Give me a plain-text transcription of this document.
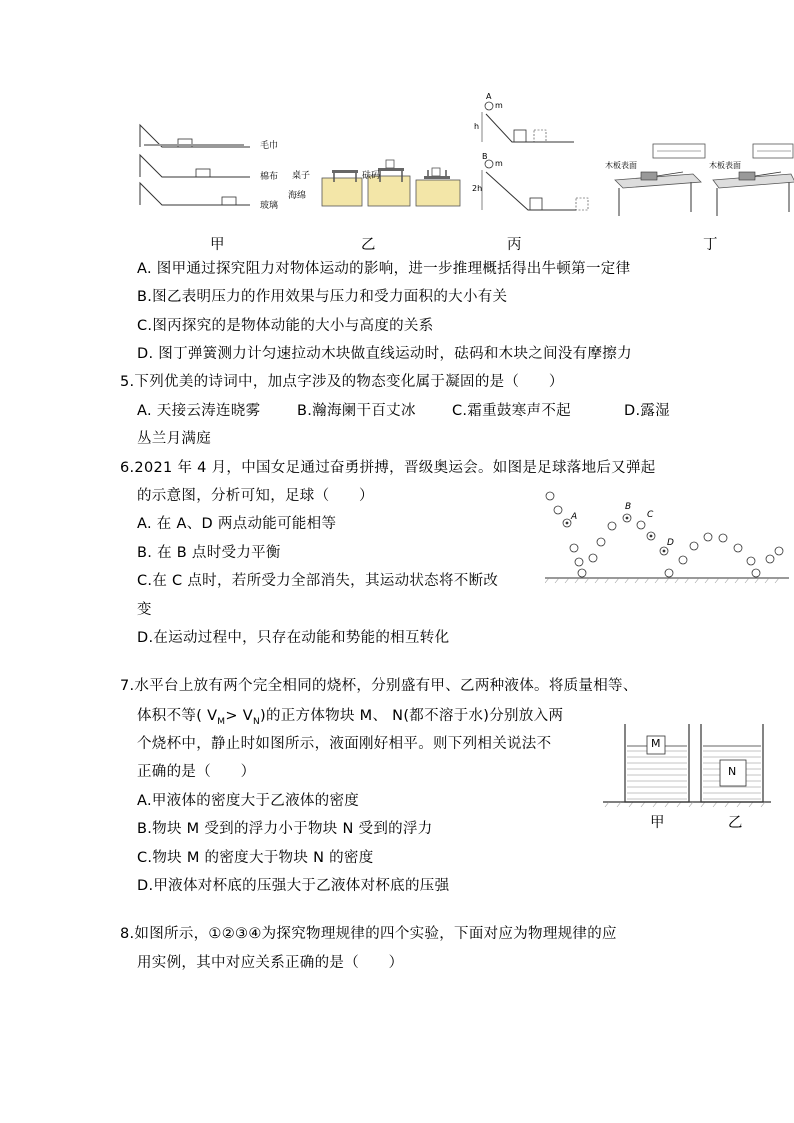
毛巾
棉布
玻璃
桌子	砝码
海绵
A
m
h
B
m
2h
木板表面	木板表面
甲	乙	丙	丁
A. 图甲通过探究阻力对物体运动的影响，进一步推理概括得出牛顿第一定律
B.图乙表明压力的作用效果与压力和受力面积的大小有关
C.图丙探究的是物体动能的大小与高度的关系
D. 图丁弹簧测力计匀速拉动木块做直线运动时，砝码和木块之间没有摩擦力
5.下列优美的诗词中，加点字涉及的物态变化属于凝固的是（　　）
A. 天接云涛连晓雾	B.瀚海阑干百丈冰 C.霜重鼓寒声不起	D.露湿
丛兰月满庭
6.2021 年 4 月，中国女足通过奋勇拼搏，晋级奥运会。如图是足球落地后又弹起
的示意图，分析可知，足球（　　）
A. 在 A、D 两点动能可能相等
B. 在 B 点时受力平衡
C.在 C 点时，若所受力全部消失，其运动状态将不断改
变
D.在运动过程中，只存在动能和势能的相互转化
A
B
C
D
7.水平台上放有两个完全相同的烧杯，分别盛有甲、乙两种液体。将质量相等、
体积不等( $V_M> V_N$)的正方体物块 M、 N(都不溶于水)分别放入两
个烧杯中，静止时如图所示，液面刚好相平。则下列相关说法不
正确的是（　　）
A.甲液体的密度大于乙液体的密度
B.物块 M 受到的浮力小于物块 N 受到的浮力
C.物块 M 的密度大于物块 N 的密度
D.甲液体对杯底的压强大于乙液体对杯底的压强
M
N
甲	乙
8.如图所示，①②③④为探究物理规律的四个实验，下面对应为物理规律的应
用实例，其中对应关系正确的是（　　）
